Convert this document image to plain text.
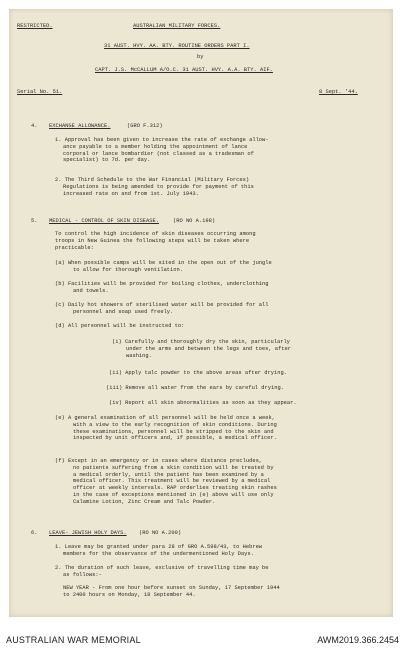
RESTRICTED.	AUSTRALIAN MILITARY FORCES.
31 AUST. HVY. AA. BTY. ROUTINE ORDERS PART I.
by
CAPT. J.S. McCALLUM A/O.C. 31 AUST. HVY. A.A. BTY. AIF.
Serial No. 51.	8 Sept. '44.
4. EXCHANGE ALLOWANCE.	(GRO F.312)
1. Approval has been given to increase the rate of exchange allow-
ance payable to a member holding the appointment of lance
corporal or lance bombardier (not classed as a tradesman of
specialist) to 7d. per day.
2. The Third Schedule to the War Financial (Military Forces)
Regulations is being amended to provide for payment of this
increased rate on and from 1st. July 1943.
5. MEDICAL - CONTROL OF SKIN DISEASE.	(RO NO A.198)
To control the high incidence of skin diseases occurring among
troops in New Guinea the following steps will be taken where
practicable:
(a) When possible camps will be sited in the open out of the jungle
to allow for thorough ventilation.
(b) Facilities will be provided for boiling clothes, underclothing
and towels.
(c) Daily hot showers of sterilised water will be provided for all
personnel and soap used freely.
(d) All personnel will be instructed to:
(i) Carefully and thoroughly dry the skin, particularly
under the arms and between the legs and toes, after
washing.
(ii) Apply talc powder to the above areas after drying.
(iii) Remove all water from the ears by careful drying.
(iv) Report all skin abnormalities as soon as they appear.
(e) A general examination of all personnel will be held once a week,
with a view to the early recognition of skin conditions. During
these examinations, personnel will be stripped to the skin and
inspected by unit officers and, if possible, a medical officer.
(f) Except in an emergency or in cases where distance precludes,
no patients suffering from a skin condition will be treated by
a medical orderly, until the patient has been examined by a
medical officer. This treatment will be reviewed by a medical
officer at weekly intervals. RAP orderlies treating skin rashes
in the case of exceptions mentioned in (e) above will use only
Calamine Lotion, Zinc Cream and Talc Powder.
6. LEAVE- JEWISH HOLY DAYS. (RO NO A.200)
1. Leave may be granted under para 28 of GRO A.598/43, to Hebrew
members for the observance of the undermentioned Holy Days.
2. The duration of such leave, exclusive of travelling time may be
as follows:-
NEW YEAR - From one hour before sunset on Sunday, 17 September 1944
to 2400 hours on Monday, 18 September 44.
AUSTRALIAN WAR MEMORIAL	AWM2019.366.2454
